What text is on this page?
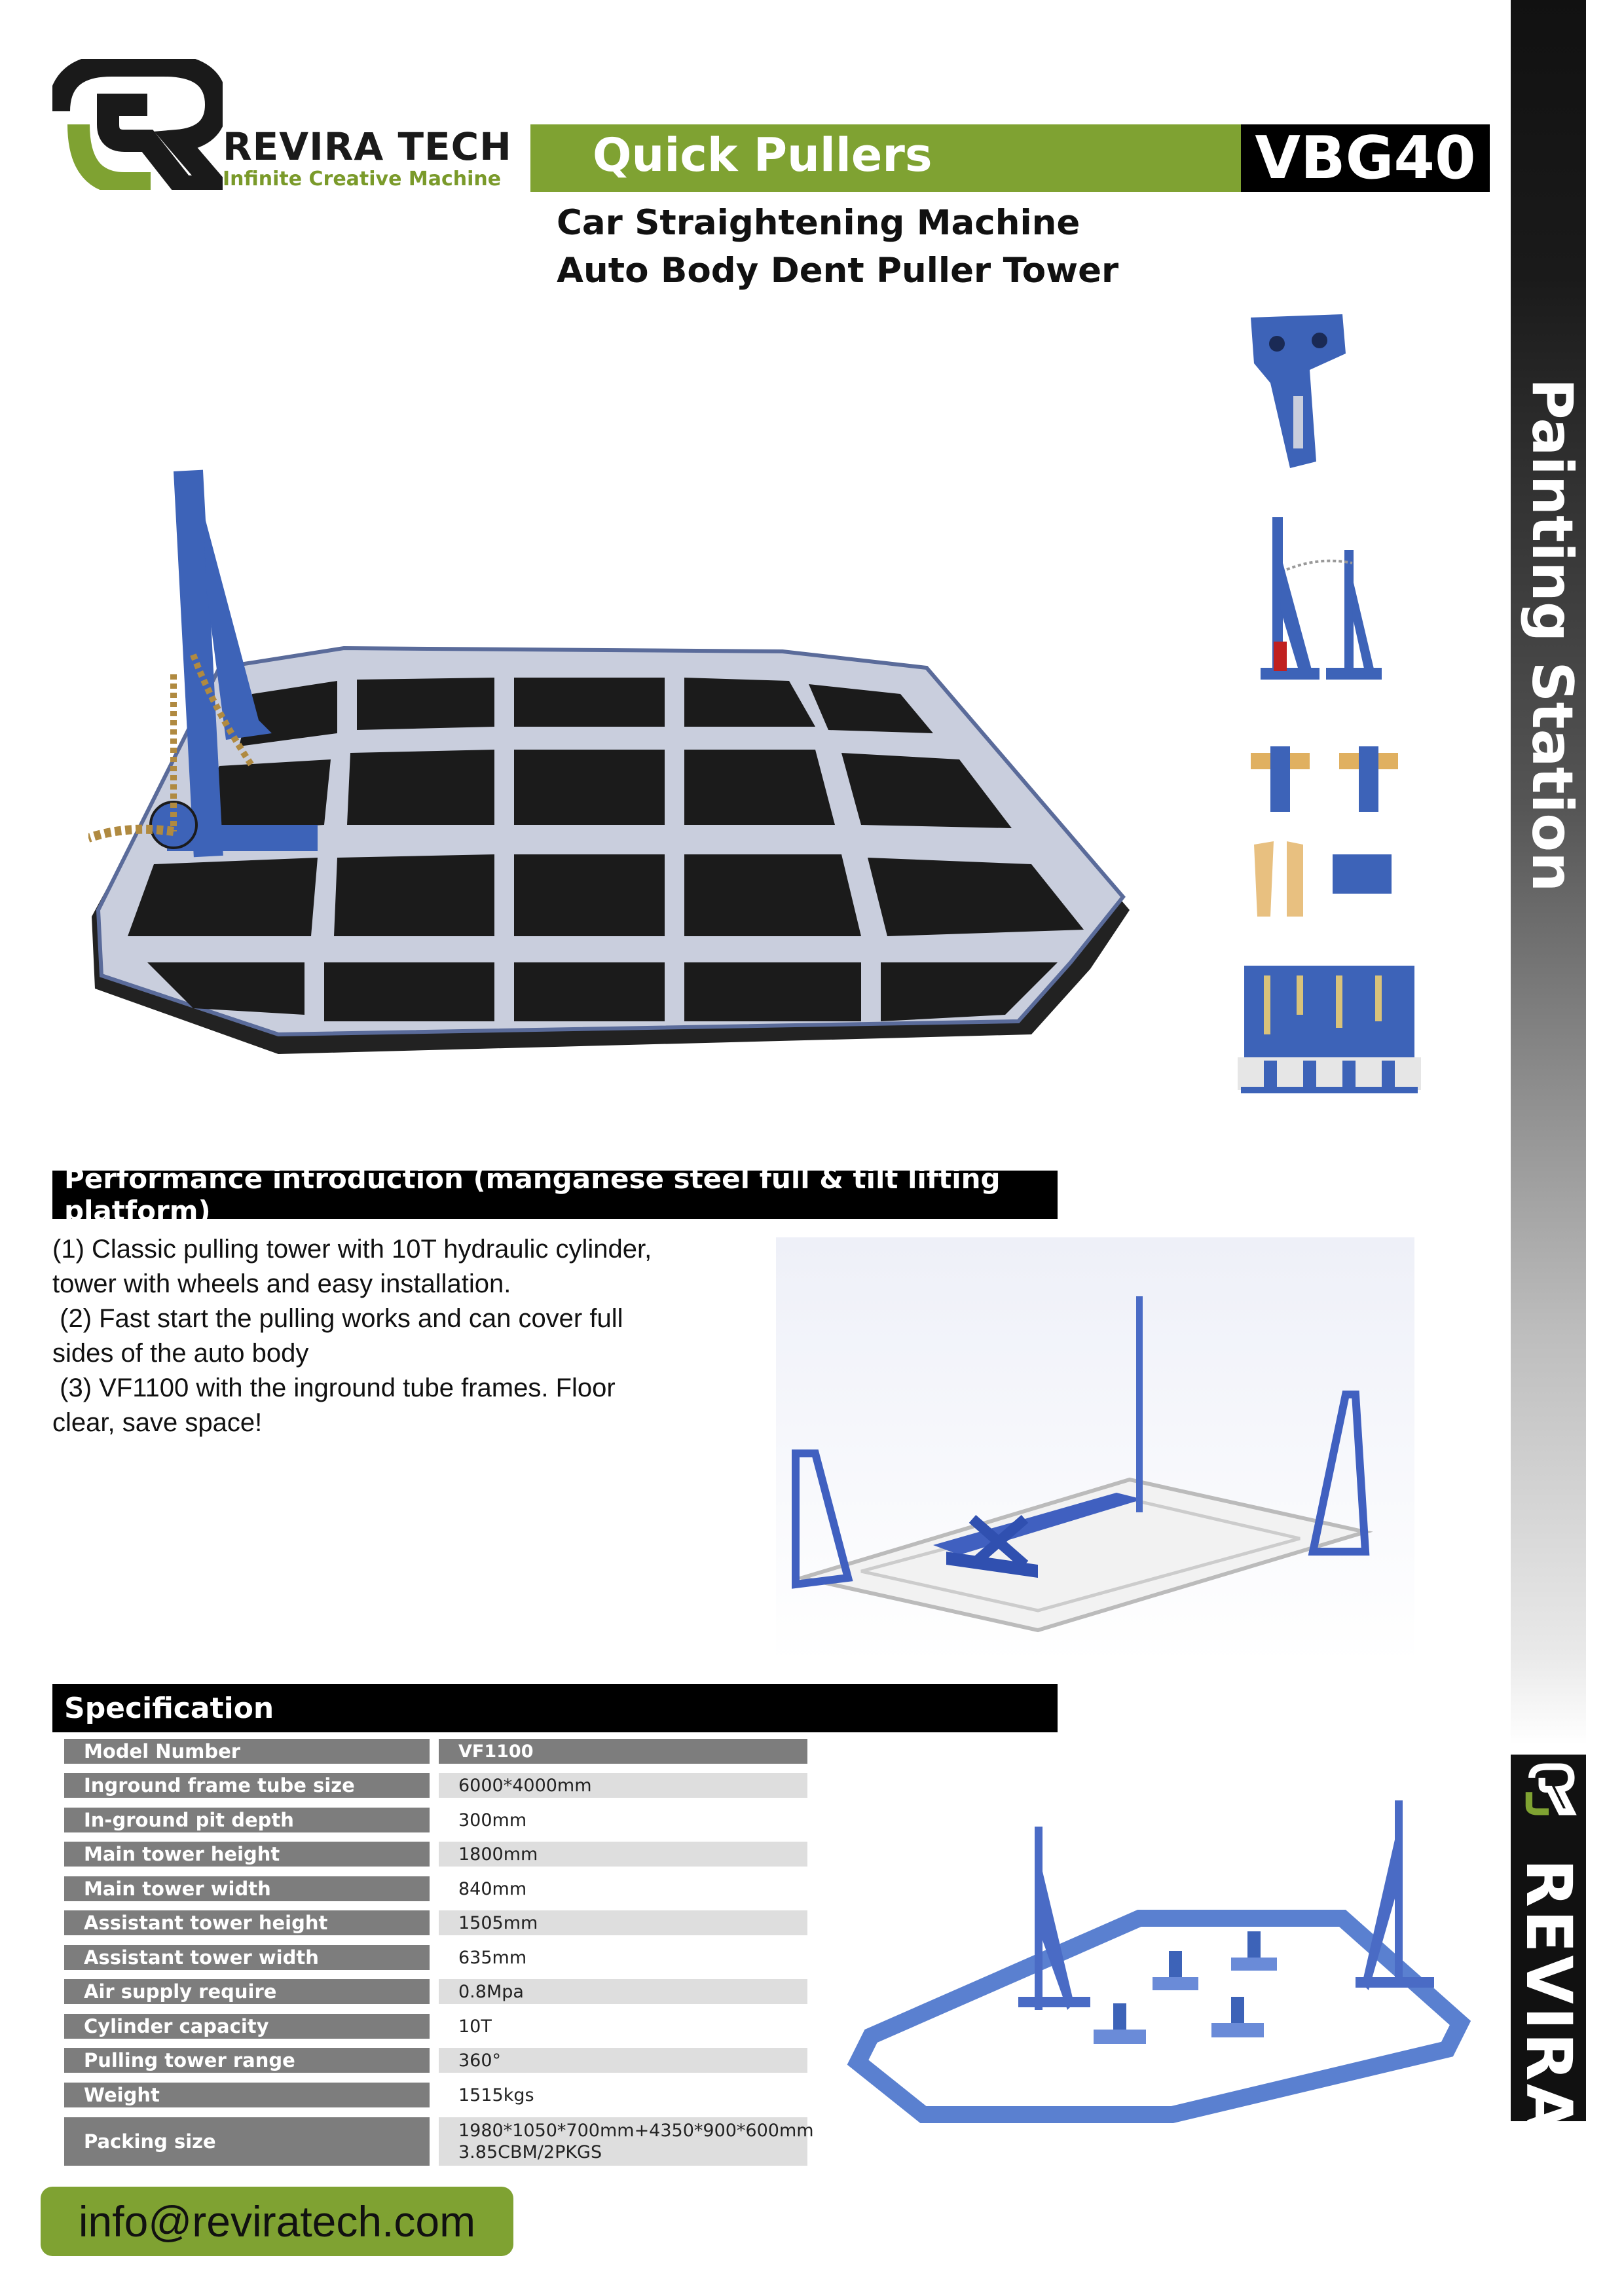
Painting Station
REVIRA
REVIRA TECH
Infinite Creative Machine Quick Pullers	VBG40
Car Straightening Machine
Auto Body Dent Puller Tower
Performance introduction (manganese steel full & tilt lifting platform)

(1) Classic pulling tower with 10T hydraulic cylinder, tower with wheels and easy installation.

(2) Fast start the pulling works and can cover full sides of the auto body

(3) VF1100 with the inground tube frames. Floor clear, save space!

Specification
Model Number	VF1100
Inground frame tube size	6000*4000mm
In-ground pit depth	300mm
Main tower height	1800mm
Main tower width	840mm
Assistant tower height	1505mm
Assistant tower width	635mm
Air supply require	0.8Mpa
Cylinder capacity	10T
Pulling tower range	360°
Weight	1515kgs
Packing size	1980*1050*700mm+4350*900*600mm
3.85CBM/2PKGS
info@reviratech.com
